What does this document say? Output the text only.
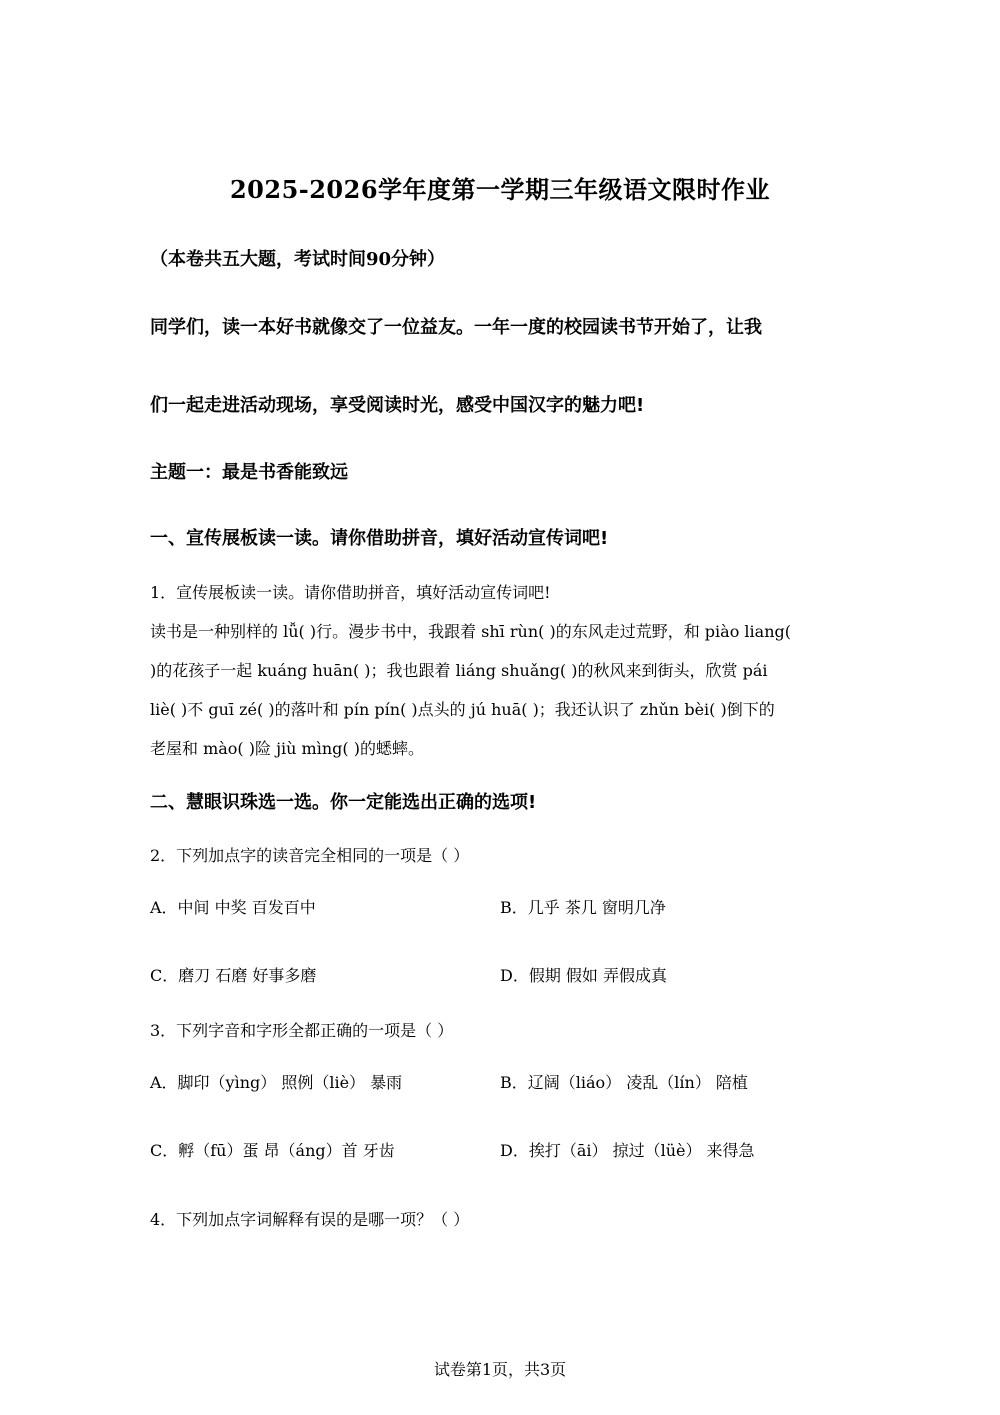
2025-2026学年度第一学期三年级语文限时作业
（本卷共五大题，考试时间90分钟）
同学们，读一本好书就像交了一位益友。一年一度的校园读书节开始了，让我
们一起走进活动现场，享受阅读时光，感受中国汉字的魅力吧!
主题一：最是书香能致远
一、宣传展板读一读。请你借助拼音，填好活动宣传词吧!
1．宣传展板读一读。请你借助拼音，填好活动宣传词吧!
读书是一种别样的 lǚ( )行。漫步书中，我跟着 shī rùn( )的东风走过荒野，和 piào liang(
)的花孩子一起 kuáng huān( )；我也跟着 liáng shuǎng( )的秋风来到街头，欣赏 pái
liè( )不 guī zé( )的落叶和 pín pín( )点头的 jú huā( )；我还认识了 zhǔn bèi( )倒下的
老屋和 mào( )险 jiù mìng( )的蟋蟀。
二、慧眼识珠选一选。你一定能选出正确的选项!
2．下列加点字的读音完全相同的一项是（ ）
A．中间 中奖 百发百中	B．几乎 茶几 窗明几净
C．磨刀 石磨 好事多磨	D．假期 假如 弄假成真
3．下列字音和字形全都正确的一项是（ ）
A．脚印（yìng） 照例（liè） 暴雨	B．辽阔（liáo） 凌乱（lín） 陪植
C．孵（fū）蛋 昂（áng）首 牙齿	D．挨打（āi） 掠过（lüè） 来得急
4．下列加点字词解释有误的是哪一项？（ ）
试卷第1页，共3页
